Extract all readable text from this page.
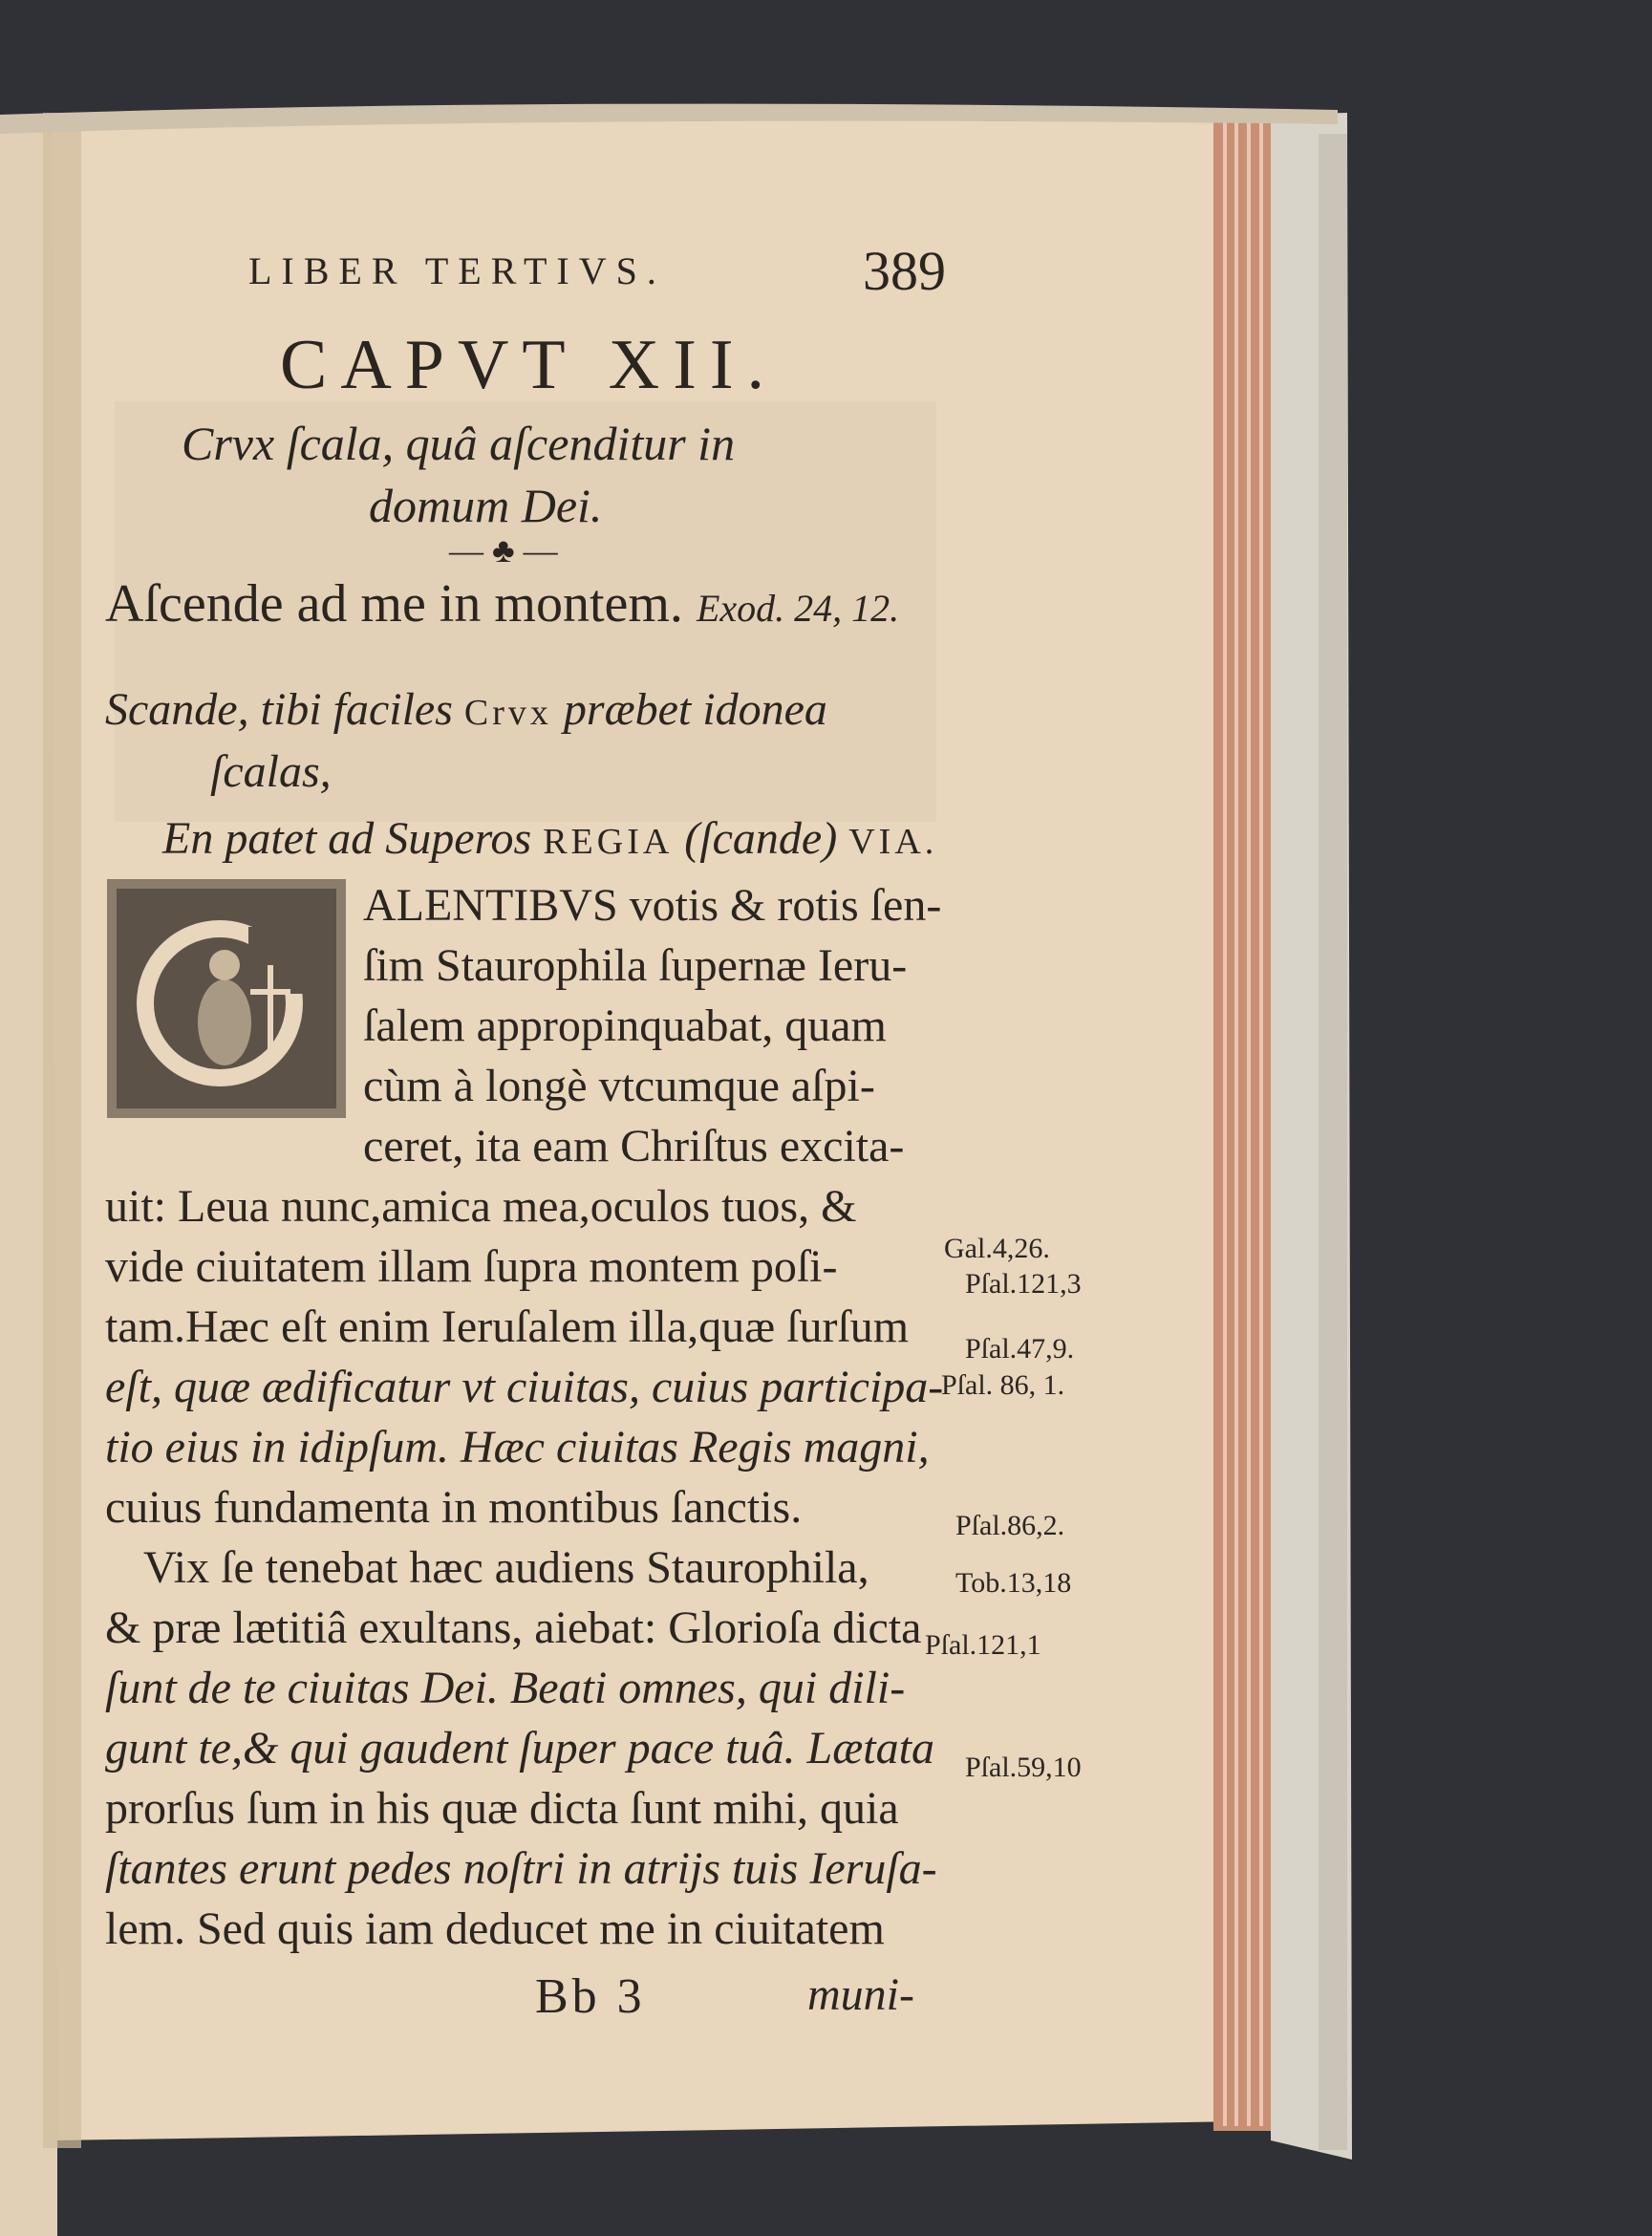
LIBER TERTIVS.	389
CAPVT XII.
Crvx ſcala, quâ aſcenditur in
domum Dei.
— ♣ —
Aſcende ad me in montem. Exod. 24, 12.
Scande, tibi faciles Crvx præbet idonea
ſcalas,
En patet ad Superos REGIA (ſcande) VIA.
ALENTIBVS votis & rotis ſen-
ſim Staurophila ſupernæ Ieru-
ſalem appropinquabat, quam
cùm à longè vtcumque aſpi-
ceret, ita eam Chriſtus excita-
uit: Leua nunc,amica mea,oculos tuos, &
vide ciuitatem illam ſupra montem poſi-
tam.Hæc eſt enim Ieruſalem illa,quæ ſurſum
eſt, quæ ædificatur vt ciuitas, cuius participa-
tio eius in idipſum. Hæc ciuitas Regis magni,
cuius fundamenta in montibus ſanctis.
Vix ſe tenebat hæc audiens Staurophila,
& præ lætitiâ exultans, aiebat: Glorioſa dicta
ſunt de te ciuitas Dei. Beati omnes, qui dili-
gunt te,& qui gaudent ſuper pace tuâ. Lætata
prorſus ſum in his quæ dicta ſunt mihi, quia
ſtantes erunt pedes noſtri in atrijs tuis Ieruſa-
lem. Sed quis iam deducet me in ciuitatem
Bb 3	muni-
Gal.4,26.
Pſal.121,3
Pſal.47,9.
Pſal. 86, 1.
Pſal.86,2.
Tob.13,18
Pſal.121,1
Pſal.59,10
